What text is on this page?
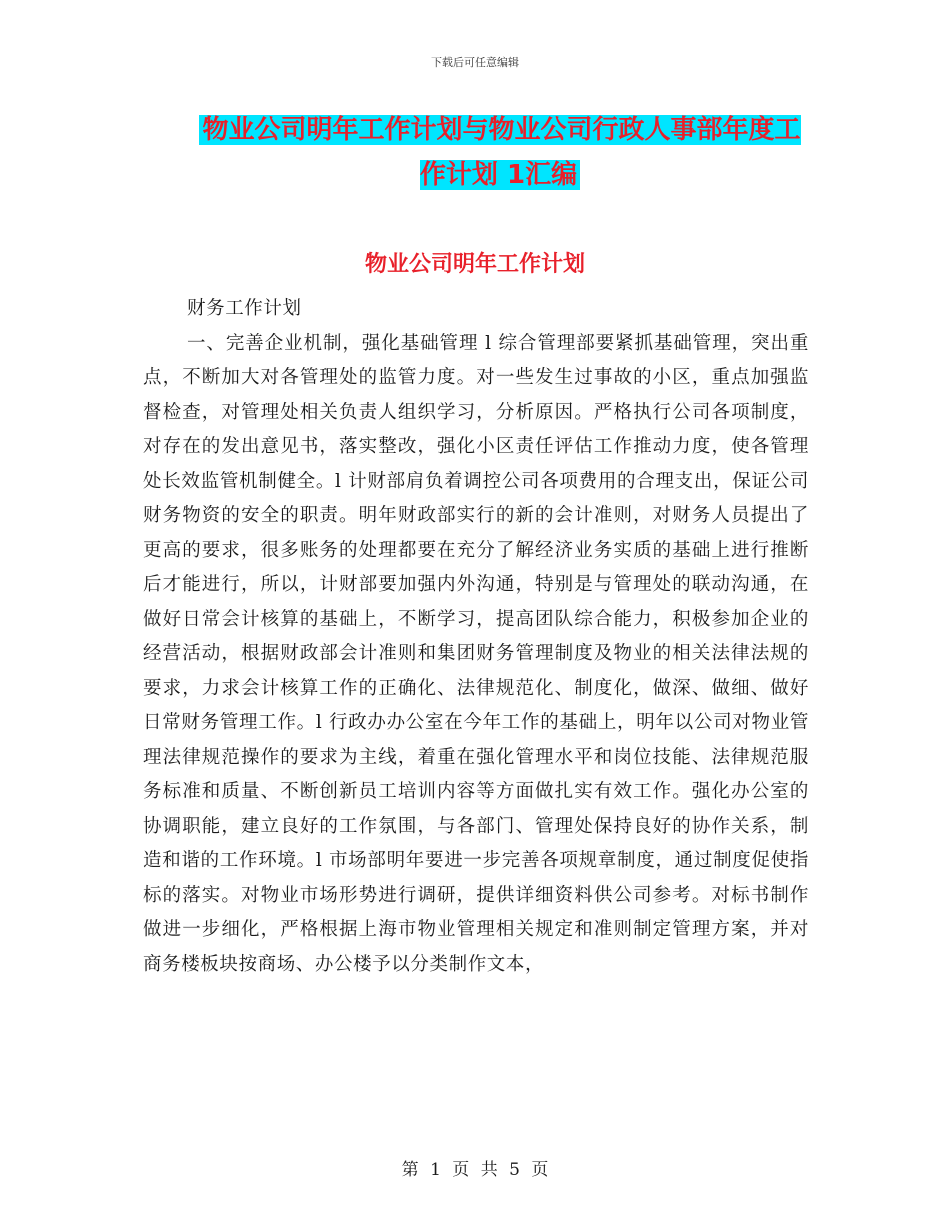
下载后可任意编辑
物业公司明年工作计划与物业公司行政人事部年度工作计划 1汇编
物业公司明年工作计划

财务工作计划

一、完善企业机制，强化基础管理 l 综合管理部要紧抓基础管理，突出重点，不断加大对各管理处的监管力度。对一些发生过事故的小区，重点加强监督检查，对管理处相关负责人组织学习，分析原因。严格执行公司各项制度，对存在的发出意见书，落实整改，强化小区责任评估工作推动力度，使各管理处长效监管机制健全。l 计财部肩负着调控公司各项费用的合理支出，保证公司财务物资的安全的职责。明年财政部实行的新的会计准则，对财务人员提出了更高的要求，很多账务的处理都要在充分了解经济业务实质的基础上进行推断后才能进行，所以，计财部要加强内外沟通，特别是与管理处的联动沟通，在做好日常会计核算的基础上，不断学习，提高团队综合能力，积极参加企业的经营活动，根据财政部会计准则和集团财务管理制度及物业的相关法律法规的要求，力求会计核算工作的正确化、法律规范化、制度化，做深、做细、做好日常财务管理工作。l 行政办办公室在今年工作的基础上，明年以公司对物业管理法律规范操作的要求为主线，着重在强化管理水平和岗位技能、法律规范服务标准和质量、不断创新员工培训内容等方面做扎实有效工作。强化办公室的协调职能，建立良好的工作氛围，与各部门、管理处保持良好的协作关系，制造和谐的工作环境。l 市场部明年要进一步完善各项规章制度，通过制度促使指标的落实。对物业市场形势进行调研，提供详细资料供公司参考。对标书制作做进一步细化，严格根据上海市物业管理相关规定和准则制定管理方案，并对商务楼板块按商场、办公楼予以分类制作文本，

第 1 页 共 5 页
